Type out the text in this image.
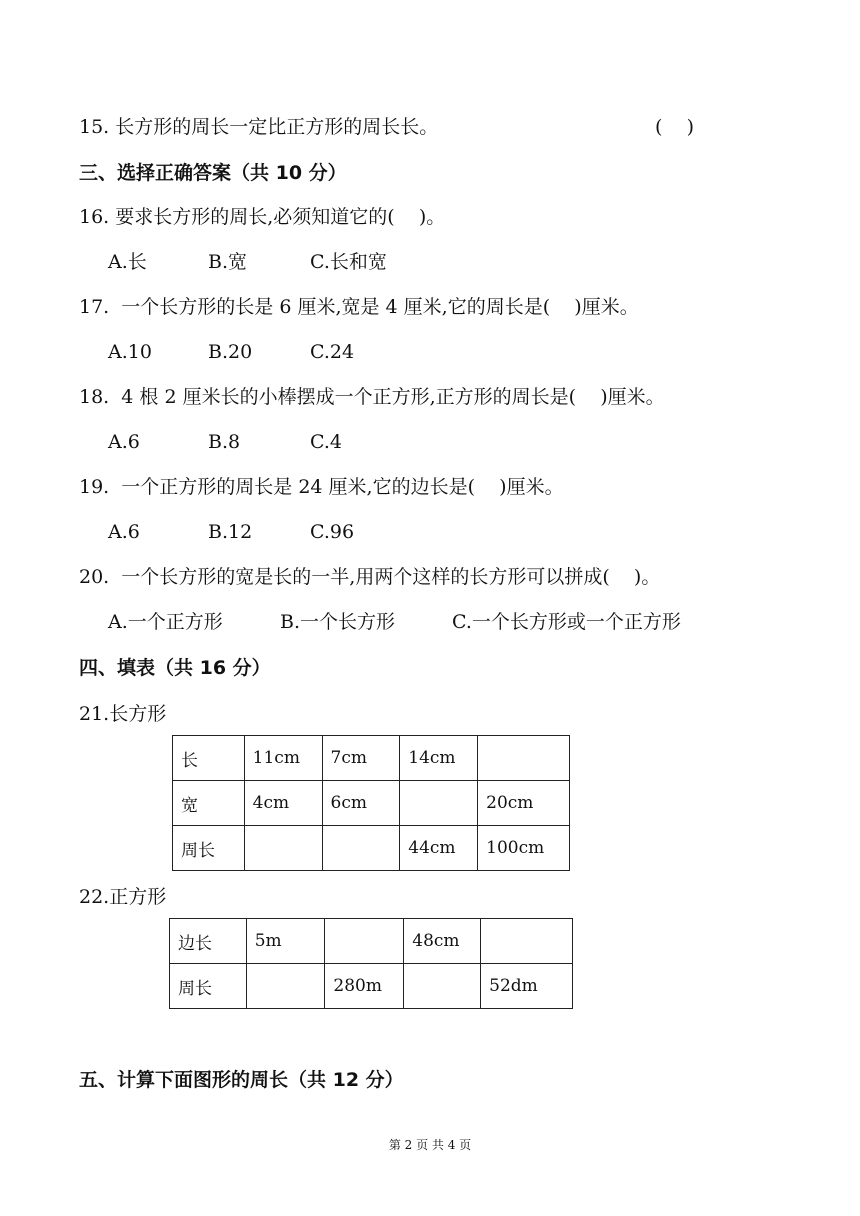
15. 长方形的周长一定比正方形的周长长。	(    )
三、选择正确答案（共 10 分）
16. 要求长方形的周长,必须知道它的(    )。
A.长	B.宽	C.长和宽
17.  一个长方形的长是 6 厘米,宽是 4 厘米,它的周长是(    )厘米。
A.10	B.20	C.24
18.  4 根 2 厘米长的小棒摆成一个正方形,正方形的周长是(    )厘米。
A.6	B.8	C.4
19.  一个正方形的周长是 24 厘米,它的边长是(    )厘米。
A.6	B.12	C.96
20.  一个长方形的宽是长的一半,用两个这样的长方形可以拼成(    )。
A.一个正方形	B.一个长方形	C.一个长方形或一个正方形
四、填表（共 16 分）
21.长方形
长	11cm	7cm	14cm	
宽	4cm	6cm		20cm
周长			44cm	100cm
22.正方形
边长	5m		48cm	
周长		280m		52dm
五、计算下面图形的周长（共 12 分）
第 2 页 共 4 页
